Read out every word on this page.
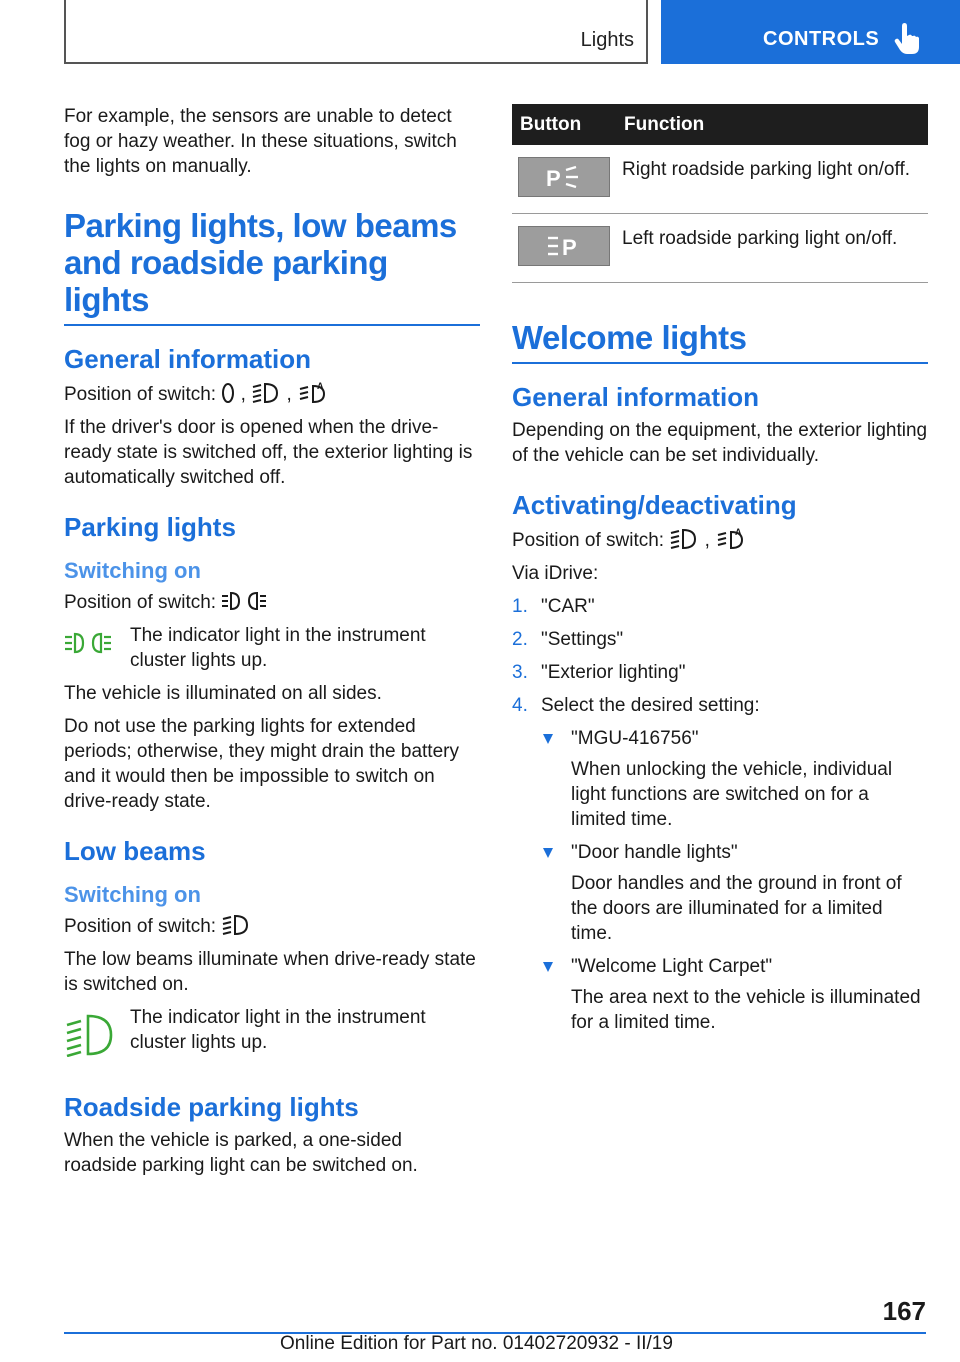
Lights	CONTROLS

For example, the sensors are unable to detect fog or hazy weather. In these situations, switch the lights on manually.

Parking lights, low beams and roadside parking lights
General information

Position of switch: , ,	A

If the driver's door is opened when the drive-ready state is switched off, the exterior lighting is automatically switched off.

Parking lights
Switching on

Position of switch:

The indicator light in the instrument cluster lights up.

The vehicle is illuminated on all sides.

Do not use the parking lights for extended periods; otherwise, they might drain the battery and it would then be impossible to switch on drive-ready state.

Low beams
Switching on

Position of switch:

The low beams illuminate when drive-ready state is switched on.

The indicator light in the instrument cluster lights up.
Roadside parking lights

When the vehicle is parked, a one-sided roadside parking light can be switched on.

Button	Function

P	Right roadside parking light on/off.

P	Left roadside parking light on/off.
Welcome lights
General information

Depending on the equipment, the exterior lighting of the vehicle can be set individually.

Activating/deactivating

Position of switch: ,	A

Via iDrive:

1. "CAR"
2. "Settings"
3. "Exterior lighting"
4. Select the desired setting:
"MGU-416756"
When unlocking the vehicle, individual light functions are switched on for a limited time.
"Door handle lights"
Door handles and the ground in front of the doors are illuminated for a limited time.
"Welcome Light Carpet"
The area next to the vehicle is illuminated for a limited time.
167
Online Edition for Part no. 01402720932 - II/19
